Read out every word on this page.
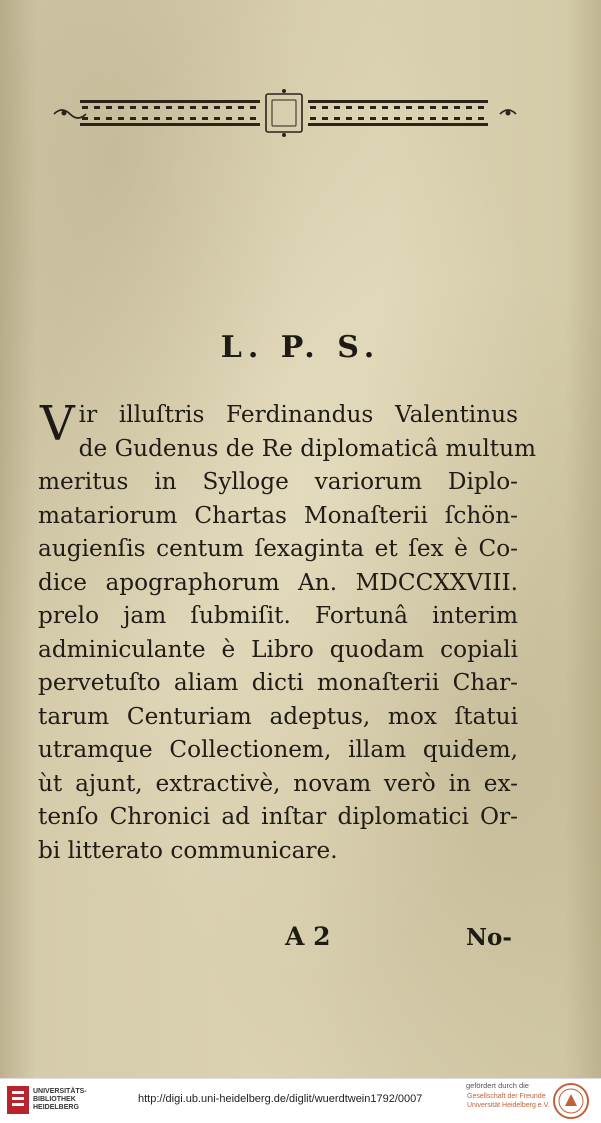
L. P. S.
V ir illuſtris Ferdinandus Valentinus
de Gudenus de Re diplomaticâ multum
meritus in Sylloge variorum Diplo-
matariorum Chartas Monaſterii ſchön-
augienſis centum ſexaginta et ſex è Co-
dice apographorum An. MDCCXXVIII.
prelo jam ſubmiſit. Fortunâ interim
adminiculante è Libro quodam copiali
pervetuſto aliam dicti monaſterii Char-
tarum Centuriam adeptus, mox ſtatui
utramque Collectionem, illam quidem,
ùt ajunt, extractivè, novam verò in ex-
tenſo Chronici ad inſtar diplomatici Or-
bi litterato communicare.
A 2	No-
UNIVERSITÄTS-
BIBLIOTHEK
HEIDELBERG
http://digi.ub.uni-heidelberg.de/diglit/wuerdtwein1792/0007
gefördert durch die
Gesellschaft der Freunde
Universität Heidelberg e.V.
